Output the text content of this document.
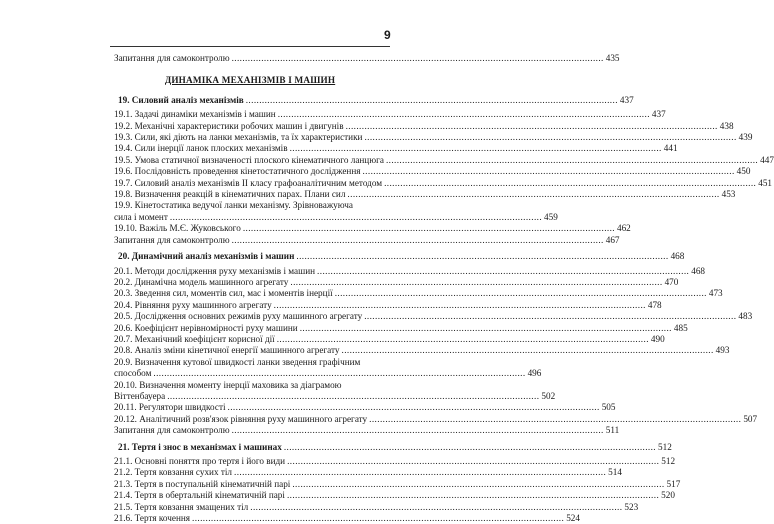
9
Запитання для самоконтролю .....	435
ДИНАМІКА МЕХАНІЗМІВ І МАШИН
19. Силовий аналіз механізмів .....	437
19.1. Задачі динаміки механізмів і машин .....	437
19.2. Механічні характеристики робочих машин і двигунів .....	438
19.3. Сили, які діють на ланки механізмів, та їх характеристики .....	439
19.4. Сили інерції ланок плоских механізмів .....	441
19.5. Умова статичної визначеності плоского кінематичного ланцюга .....	447
19.6. Послідовність проведення кінетостатичного дослідження .....	450
19.7. Силовий аналіз механізмів ІІ класу графоаналітичним методом .....	451
19.8. Визначення реакцій в кінематичних парах. Плани сил .....	453
19.9. Кінетостатика ведучої ланки механізму. Зрівноважуюча
сила і момент .....	459
19.10. Важіль М.Є. Жуковського .....	462
Запитання для самоконтролю .....	467
20. Динамічний аналіз механізмів і машин .....	468
20.1. Методи дослідження руху механізмів і машин .....	468
20.2. Динамічна модель машинного агрегату .....	470
20.3. Зведення сил, моментів сил, мас і моментів інерції .....	473
20.4. Рівняння руху машинного агрегату .....	478
20.5. Дослідження основних режимів руху машинного агрегату .....	483
20.6. Коефіцієнт нерівномірності руху машини .....	485
20.7. Механічний коефіцієнт корисної дії .....	490
20.8. Аналіз зміни кінетичної енергії машинного агрегату .....	493
20.9. Визначення кутової швидкості ланки зведення графічним
способом .....	496
20.10. Визначення моменту інерції маховика за діаграмою
Віттенбауера .....	502
20.11. Регулятори швидкості .....	505
20.12. Аналітичний розв'язок рівняння руху машинного агрегату .....	507
Запитання для самоконтролю .....	511
21. Тертя і знос в механізмах і машинах .....	512
21.1. Основні поняття про тертя і його види .....	512
21.2. Тертя ковзання сухих тіл .....	514
21.3. Тертя в поступальній кінематичній парі .....	517
21.4. Тертя в обертальній кінематичній парі .....	520
21.5. Тертя ковзання змащених тіл .....	523
21.6. Тертя кочення .....	524
